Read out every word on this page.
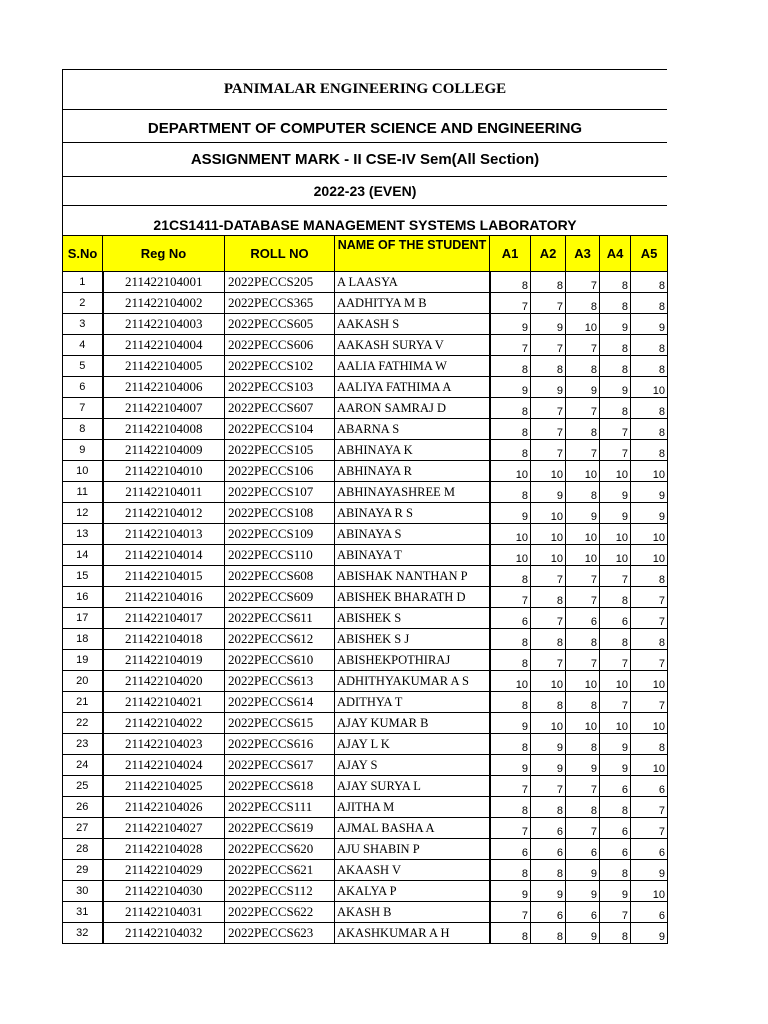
PANIMALAR ENGINEERING COLLEGE
DEPARTMENT OF COMPUTER SCIENCE AND ENGINEERING
ASSIGNMENT MARK - II CSE-IV Sem(All Section)
2022-23 (EVEN)
21CS1411-DATABASE MANAGEMENT SYSTEMS LABORATORY
S.No	Reg No	ROLL NO	NAME OF THE STUDENT	A1	A2	A3	A4	A5
1	211422104001	2022PECCS205	A LAASYA	8	8	7	8	8
2	211422104002	2022PECCS365	AADHITYA M B	7	7	8	8	8
3	211422104003	2022PECCS605	AAKASH S	9	9	10	9	9
4	211422104004	2022PECCS606	AAKASH SURYA V	7	7	7	8	8
5	211422104005	2022PECCS102	AALIA FATHIMA W	8	8	8	8	8
6	211422104006	2022PECCS103	AALIYA FATHIMA A	9	9	9	9	10
7	211422104007	2022PECCS607	AARON SAMRAJ D	8	7	7	8	8
8	211422104008	2022PECCS104	ABARNA S	8	7	8	7	8
9	211422104009	2022PECCS105	ABHINAYA K	8	7	7	7	8
10	211422104010	2022PECCS106	ABHINAYA R	10	10	10	10	10
11	211422104011	2022PECCS107	ABHINAYASHREE M	8	9	8	9	9
12	211422104012	2022PECCS108	ABINAYA R S	9	10	9	9	9
13	211422104013	2022PECCS109	ABINAYA S	10	10	10	10	10
14	211422104014	2022PECCS110	ABINAYA T	10	10	10	10	10
15	211422104015	2022PECCS608	ABISHAK NANTHAN P	8	7	7	7	8
16	211422104016	2022PECCS609	ABISHEK BHARATH D	7	8	7	8	7
17	211422104017	2022PECCS611	ABISHEK S	6	7	6	6	7
18	211422104018	2022PECCS612	ABISHEK S J	8	8	8	8	8
19	211422104019	2022PECCS610	ABISHEKPOTHIRAJ	8	7	7	7	7
20	211422104020	2022PECCS613	ADHITHYAKUMAR A S	10	10	10	10	10
21	211422104021	2022PECCS614	ADITHYA T	8	8	8	7	7
22	211422104022	2022PECCS615	AJAY KUMAR B	9	10	10	10	10
23	211422104023	2022PECCS616	AJAY L K	8	9	8	9	8
24	211422104024	2022PECCS617	AJAY S	9	9	9	9	10
25	211422104025	2022PECCS618	AJAY SURYA L	7	7	7	6	6
26	211422104026	2022PECCS111	AJITHA M	8	8	8	8	7
27	211422104027	2022PECCS619	AJMAL BASHA A	7	6	7	6	7
28	211422104028	2022PECCS620	AJU SHABIN P	6	6	6	6	6
29	211422104029	2022PECCS621	AKAASH V	8	8	9	8	9
30	211422104030	2022PECCS112	AKALYA P	9	9	9	9	10
31	211422104031	2022PECCS622	AKASH B	7	6	6	7	6
32	211422104032	2022PECCS623	AKASHKUMAR A H	8	8	9	8	9
